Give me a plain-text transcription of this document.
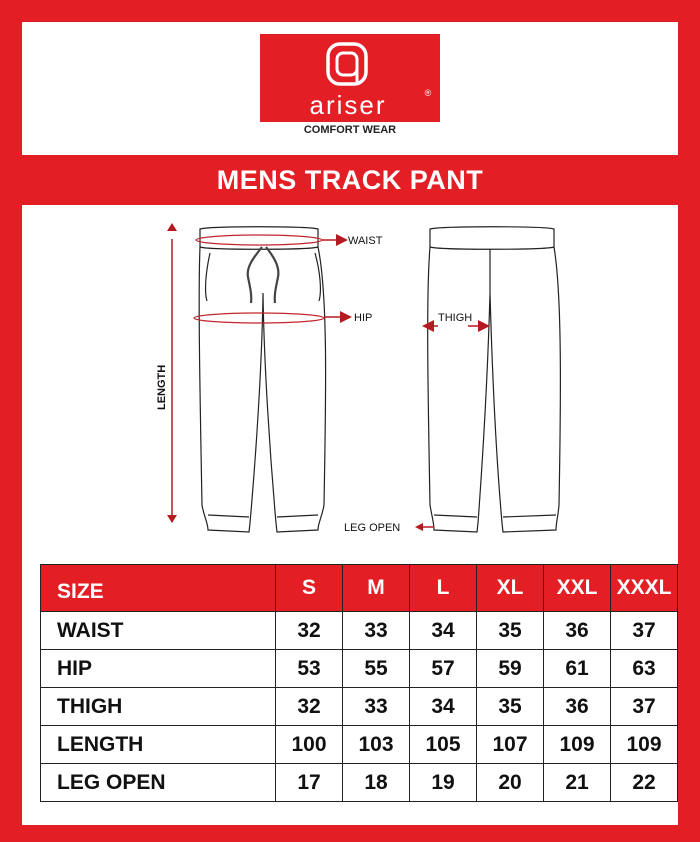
ariser	®
COMFORT WEAR
MENS TRACK PANT
WAIST
HIP
LENGTH
THIGH
LEG OPEN
SIZE	S	M	L	XL	XXL	XXXL
WAIST	32	33	34	35	36	37
HIP	53	55	57	59	61	63
THIGH	32	33	34	35	36	37
LENGTH	100	103	105	107	109	109
LEG OPEN	17	18	19	20	21	22
